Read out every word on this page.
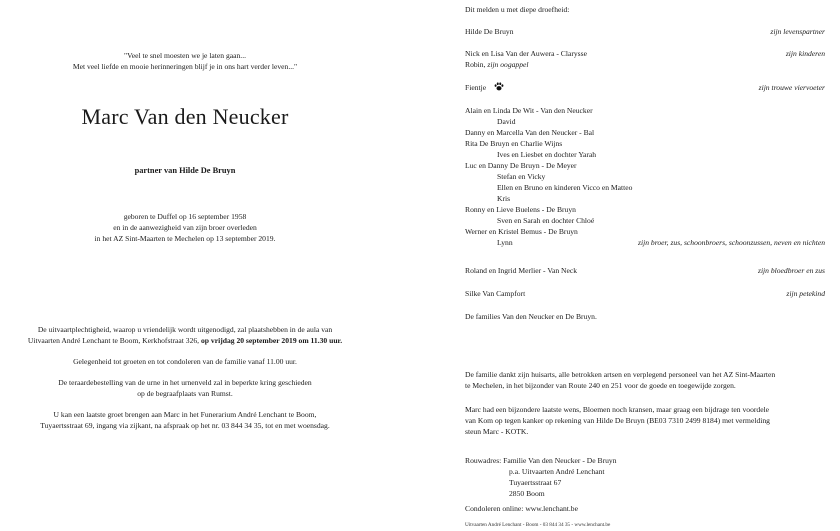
"Veel te snel moesten we je laten gaan...
Met veel liefde en mooie herinneringen blijf je in ons hart verder leven..."
Marc Van den Neucker
partner van Hilde De Bruyn
geboren te Duffel op 16 september 1958
en in de aanwezigheid van zijn broer overleden
in het AZ Sint-Maarten te Mechelen op 13 september 2019.

De uitvaartplechtigheid, waarop u vriendelijk wordt uitgenodigd, zal plaatshebben in de aula van
Uitvaarten André Lenchant te Boom, Kerkhofstraat 326, op vrijdag 20 september 2019 om 11.30 uur.

Gelegenheid tot groeten en tot condoleren van de familie vanaf 11.00 uur.

De teraardebestelling van de urne in het urnenveld zal in beperkte kring geschieden
op de begraafplaats van Rumst.

U kan een laatste groet brengen aan Marc in het Funerarium André Lenchant te Boom,
Tuyaertsstraat 69, ingang via zijkant, na afspraak op het nr. 03 844 34 35, tot en met woensdag.

Dit melden u met diepe droefheid:
Hilde De Bruyn	zijn levenspartner
Nick en Lisa Van der Auwera - Clarysse	zijn kinderen
Robin, zijn oogappel
Fientje	zijn trouwe viervoeter
Alain en Linda De Wit - Van den Neucker
David
Danny en Marcella Van den Neucker - Bal
Rita De Bruyn en Charlie Wijns
Ives en Liesbet en dochter Yarah
Luc en Danny De Bruyn - De Meyer
Stefan en Vicky
Ellen en Bruno en kinderen Vicco en Matteo
Kris
Ronny en Lieve Buelens - De Bruyn
Sven en Sarah en dochter Chloé
Werner en Kristel Bemus - De Bruyn
Lynn	zijn broer, zus, schoonbroers, schoonzussen, neven en nichten
Roland en Ingrid Merlier - Van Neck	zijn bloedbroer en zus
Silke Van Campfort	zijn petekind
De families Van den Neucker en De Bruyn.
De familie dankt zijn huisarts, alle betrokken artsen en verplegend personeel van het AZ Sint-Maarten
te Mechelen, in het bijzonder van Route 240 en 251 voor de goede en toegewijde zorgen.
Marc had een bijzondere laatste wens, Bloemen noch kransen, maar graag een bijdrage ten voordele
van Kom op tegen kanker op rekening van Hilde De Bruyn (BE03 7310 2499 8184) met vermelding
steun Marc - KOTK.
Rouwadres: Familie Van den Neucker - De Bruyn
p.a. Uitvaarten André Lenchant
Tuyaertsstraat 67
2850 Boom
Condoleren online: www.lenchant.be
Uitvaarten André Lenchant - Boom - 03 844 34 35 - www.lenchant.be
